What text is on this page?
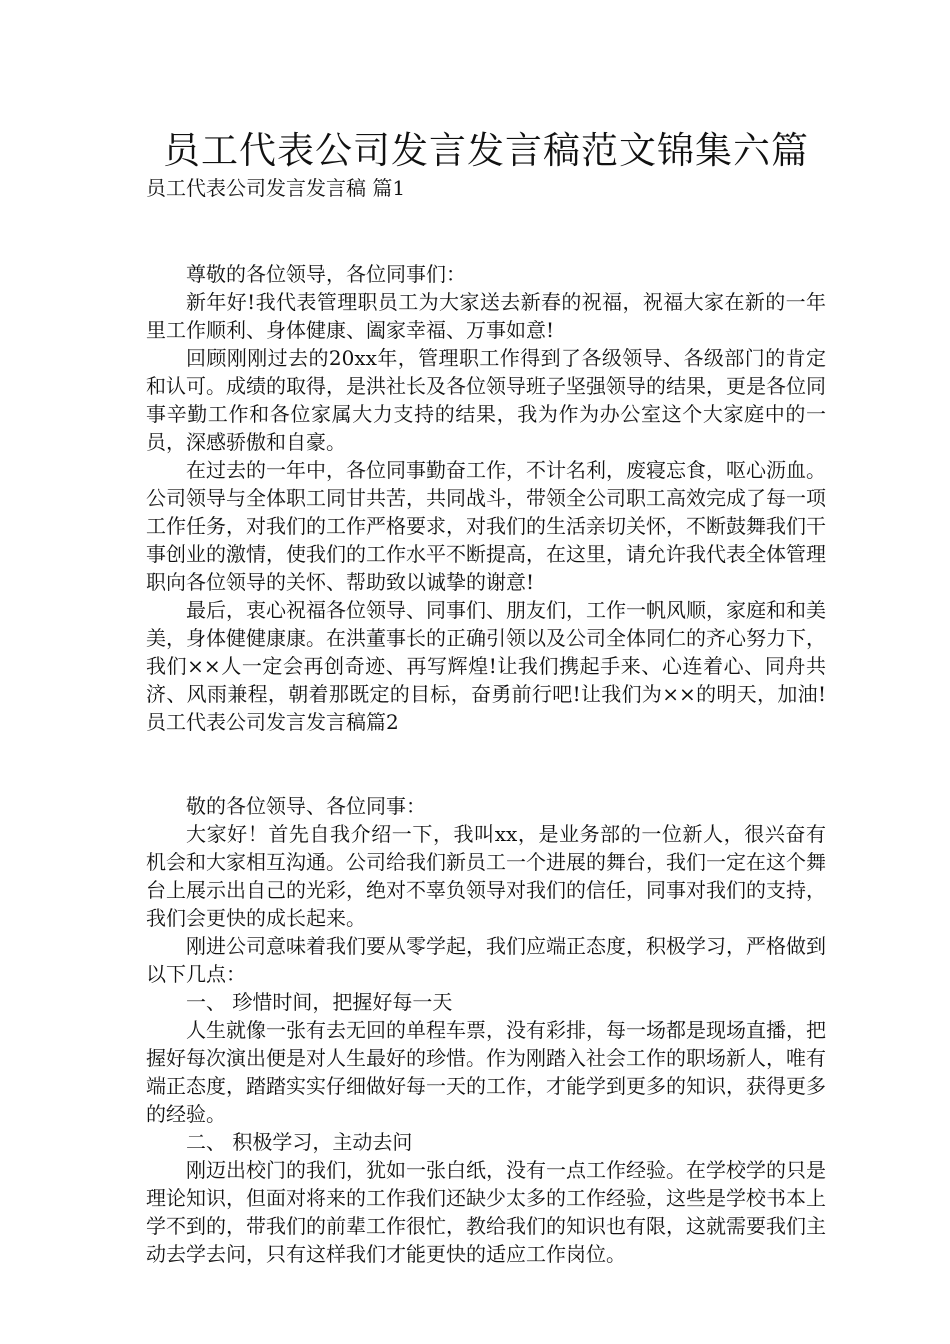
员工代表公司发言发言稿范文锦集六篇
员工代表公司发言发言稿 篇1

尊敬的各位领导，各位同事们：

新年好!我代表管理职员工为大家送去新春的祝福，祝福大家在新的一年里工作顺利、身体健康、阖家幸福、万事如意!

回顾刚刚过去的20xx年，管理职工作得到了各级领导、各级部门的肯定和认可。成绩的取得，是洪社长及各位领导班子坚强领导的结果，更是各位同事辛勤工作和各位家属大力支持的结果，我为作为办公室这个大家庭中的一员，深感骄傲和自豪。

在过去的一年中，各位同事勤奋工作，不计名利，废寝忘食，呕心沥血。公司领导与全体职工同甘共苦，共同战斗，带领全公司职工高效完成了每一项工作任务，对我们的工作严格要求，对我们的生活亲切关怀，不断鼓舞我们干事创业的激情，使我们的工作水平不断提高，在这里，请允许我代表全体管理职向各位领导的关怀、帮助致以诚挚的谢意!

最后，衷心祝福各位领导、同事们、朋友们，工作一帆风顺，家庭和和美美，身体健健康康。在洪董事长的正确引领以及公司全体同仁的齐心努力下，我们××人一定会再创奇迹、再写辉煌!让我们携起手来、心连着心、同舟共济、风雨兼程，朝着那既定的目标，奋勇前行吧!让我们为××的明天，加油!员工代表公司发言发言稿篇2

敬的各位领导、各位同事：

大家好！首先自我介绍一下，我叫xx，是业务部的一位新人，很兴奋有机会和大家相互沟通。公司给我们新员工一个进展的舞台，我们一定在这个舞台上展示出自己的光彩，绝对不辜负领导对我们的信任，同事对我们的支持，我们会更快的成长起来。

刚进公司意味着我们要从零学起，我们应端正态度，积极学习，严格做到以下几点：

一、 珍惜时间，把握好每一天

人生就像一张有去无回的单程车票，没有彩排，每一场都是现场直播，把握好每次演出便是对人生最好的珍惜。作为刚踏入社会工作的职场新人，唯有端正态度，踏踏实实仔细做好每一天的工作，才能学到更多的知识，获得更多的经验。

二、 积极学习，主动去问

刚迈出校门的我们，犹如一张白纸，没有一点工作经验。在学校学的只是理论知识，但面对将来的工作我们还缺少太多的工作经验，这些是学校书本上学不到的，带我们的前辈工作很忙，教给我们的知识也有限，这就需要我们主动去学去问，只有这样我们才能更快的适应工作岗位。
